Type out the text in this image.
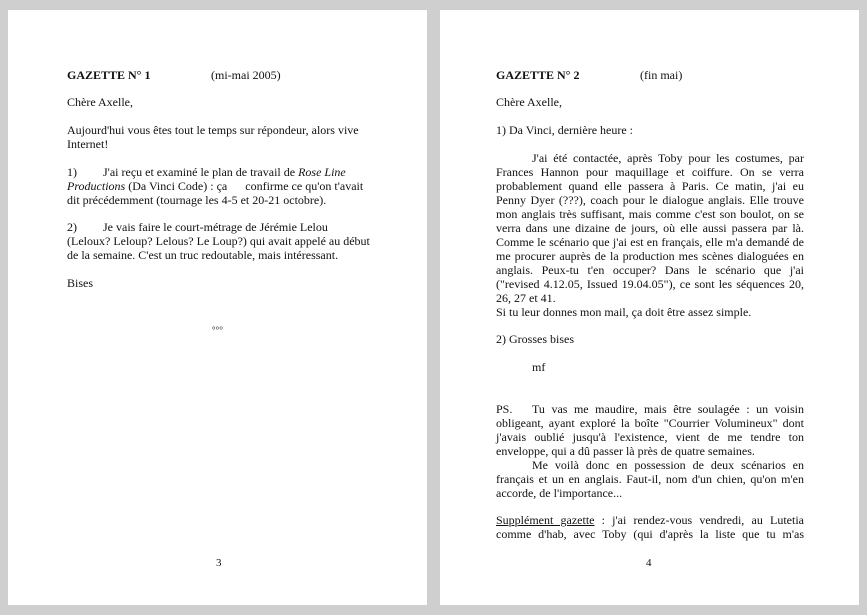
GAZETTE N° 1	(mi-mai 2005)
Chère Axelle,
Aujourd'hui vous êtes tout le temps sur répondeur, alors vive
Internet!
1) J'ai reçu et examiné le plan de travail de Rose Line
Productions (Da Vinci Code) : ça      confirme ce qu'on t'avait
dit précédemment (tournage les 4-5 et 20-21 octobre).
2) Je vais faire le court-métrage de Jérémie Lelou
(Leloux? Leloup? Lelous? Le Loup?) qui avait appelé au début
de la semaine. C'est un truc redoutable, mais intéressant.
Bises
°°°
3
GAZETTE N° 2	(fin mai)
Chère Axelle,
1) Da Vinci, dernière heure :
J'ai été contactée, après Toby pour les costumes, par
Frances Hannon pour maquillage et coiffure. On se verra
probablement quand elle passera à Paris. Ce matin, j'ai eu
Penny Dyer (???), coach pour le dialogue anglais. Elle trouve
mon anglais très suffisant, mais comme c'est son boulot, on se
verra dans une dizaine de jours, où elle aussi passera par là.
Comme le scénario que j'ai est en français, elle m'a demandé de
me procurer auprès de la production mes scènes dialoguées en
anglais. Peux-tu t'en occuper? Dans le scénario que j'ai
("revised 4.12.05, Issued 19.04.05"), ce sont les séquences 20,
26, 27 et 41.
Si tu leur donnes mon mail, ça doit être assez simple.
2) Grosses bises
mf
PS. Tu vas me maudire, mais être soulagée : un voisin
obligeant, ayant exploré la boîte "Courrier Volumineux" dont
j'avais oublié jusqu'à l'existence, vient de me tendre ton
enveloppe, qui a dû passer là près de quatre semaines.
Me voilà donc en possession de deux scénarios en
français et un en anglais. Faut-il, nom d'un chien, qu'on m'en
accorde, de l'importance...
Supplément gazette : j'ai rendez-vous vendredi, au Lutetia
comme d'hab, avec Toby (qui d'après la liste que tu m'as
4
